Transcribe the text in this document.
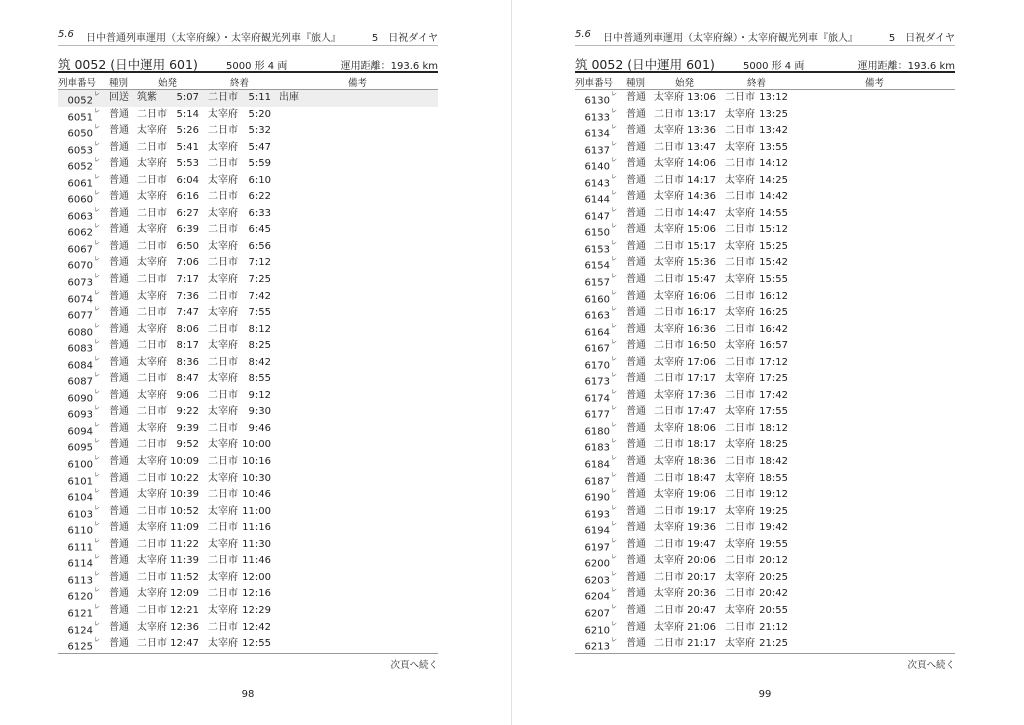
5.6 日中普通列車運用（太宰府線）・太宰府観光列車『旅人』	5　日祝ダイヤ
筑 0052 (日中運用 601)	5000 形 4 両	運用距離：193.6 km
列車番号 種別	始発	終着	備考
$0052^レ$ 回送 筑紫	5:07 二日市	5:11 出庫
$6051^レ$ 普通 二日市 5:14 太宰府	5:20
$6050^レ$ 普通 太宰府 5:26 二日市	5:32
$6053^レ$ 普通 二日市 5:41 太宰府	5:47
$6052^レ$ 普通 太宰府 5:53 二日市	5:59
$6061^レ$ 普通 二日市 6:04 太宰府	6:10
$6060^レ$ 普通 太宰府 6:16 二日市	6:22
$6063^レ$ 普通 二日市 6:27 太宰府	6:33
$6062^レ$ 普通 太宰府 6:39 二日市	6:45
$6067^レ$ 普通 二日市 6:50 太宰府	6:56
$6070^レ$ 普通 太宰府 7:06 二日市	7:12
$6073^レ$ 普通 二日市 7:17 太宰府	7:25
$6074^レ$ 普通 太宰府 7:36 二日市	7:42
$6077^レ$ 普通 二日市 7:47 太宰府	7:55
$6080^レ$ 普通 太宰府 8:06 二日市	8:12
$6083^レ$ 普通 二日市 8:17 太宰府	8:25
$6084^レ$ 普通 太宰府 8:36 二日市	8:42
$6087^レ$ 普通 二日市 8:47 太宰府	8:55
$6090^レ$ 普通 太宰府 9:06 二日市	9:12
$6093^レ$ 普通 二日市 9:22 太宰府	9:30
$6094^レ$ 普通 太宰府 9:39 二日市	9:46
$6095^レ$ 普通 二日市 9:52 太宰府 10:00
$6100^レ$ 普通 太宰府 10:09 二日市 10:16
$6101^レ$ 普通 二日市 10:22 太宰府 10:30
$6104^レ$ 普通 太宰府 10:39 二日市 10:46
$6103^レ$ 普通 二日市 10:52 太宰府 11:00
$6110^レ$ 普通 太宰府 11:09 二日市 11:16
$6111^レ$ 普通 二日市 11:22 太宰府 11:30
$6114^レ$ 普通 太宰府 11:39 二日市 11:46
$6113^レ$ 普通 二日市 11:52 太宰府 12:00
$6120^レ$ 普通 太宰府 12:09 二日市 12:16
$6121^レ$ 普通 二日市 12:21 太宰府 12:29
$6124^レ$ 普通 太宰府 12:36 二日市 12:42
$6125^レ$ 普通 二日市 12:47 太宰府 12:55
次頁へ続く
98
5.6 日中普通列車運用（太宰府線）・太宰府観光列車『旅人』	5　日祝ダイヤ
筑 0052 (日中運用 601)	5000 形 4 両	運用距離：193.6 km
列車番号 種別	始発	終着	備考
$6130^レ$ 普通 太宰府 13:06 二日市 13:12
$6133^レ$ 普通 二日市 13:17 太宰府 13:25
$6134^レ$ 普通 太宰府 13:36 二日市 13:42
$6137^レ$ 普通 二日市 13:47 太宰府 13:55
$6140^レ$ 普通 太宰府 14:06 二日市 14:12
$6143^レ$ 普通 二日市 14:17 太宰府 14:25
$6144^レ$ 普通 太宰府 14:36 二日市 14:42
$6147^レ$ 普通 二日市 14:47 太宰府 14:55
$6150^レ$ 普通 太宰府 15:06 二日市 15:12
$6153^レ$ 普通 二日市 15:17 太宰府 15:25
$6154^レ$ 普通 太宰府 15:36 二日市 15:42
$6157^レ$ 普通 二日市 15:47 太宰府 15:55
$6160^レ$ 普通 太宰府 16:06 二日市 16:12
$6163^レ$ 普通 二日市 16:17 太宰府 16:25
$6164^レ$ 普通 太宰府 16:36 二日市 16:42
$6167^レ$ 普通 二日市 16:50 太宰府 16:57
$6170^レ$ 普通 太宰府 17:06 二日市 17:12
$6173^レ$ 普通 二日市 17:17 太宰府 17:25
$6174^レ$ 普通 太宰府 17:36 二日市 17:42
$6177^レ$ 普通 二日市 17:47 太宰府 17:55
$6180^レ$ 普通 太宰府 18:06 二日市 18:12
$6183^レ$ 普通 二日市 18:17 太宰府 18:25
$6184^レ$ 普通 太宰府 18:36 二日市 18:42
$6187^レ$ 普通 二日市 18:47 太宰府 18:55
$6190^レ$ 普通 太宰府 19:06 二日市 19:12
$6193^レ$ 普通 二日市 19:17 太宰府 19:25
$6194^レ$ 普通 太宰府 19:36 二日市 19:42
$6197^レ$ 普通 二日市 19:47 太宰府 19:55
$6200^レ$ 普通 太宰府 20:06 二日市 20:12
$6203^レ$ 普通 二日市 20:17 太宰府 20:25
$6204^レ$ 普通 太宰府 20:36 二日市 20:42
$6207^レ$ 普通 二日市 20:47 太宰府 20:55
$6210^レ$ 普通 太宰府 21:06 二日市 21:12
$6213^レ$ 普通 二日市 21:17 太宰府 21:25
次頁へ続く
99
